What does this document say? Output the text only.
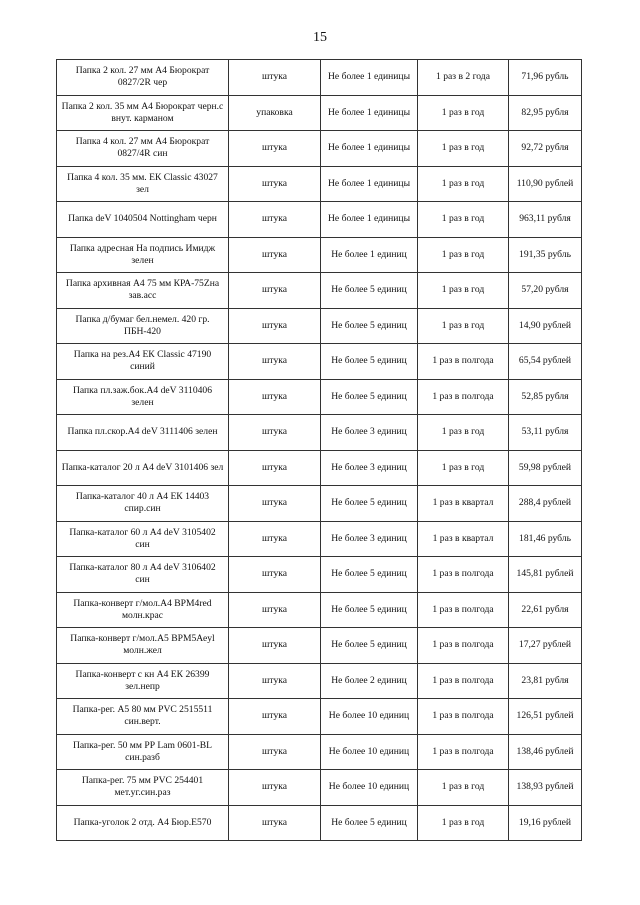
15
Папка 2 кол. 27 мм А4 Бюрократ 0827/2R чер	штука	Не более 1 единицы	1 раз в 2 года	71,96 рубль
Папка 2 кол. 35 мм А4 Бюрократ черн.с внут. карманом	упаковка	Не более 1 единицы	1 раз в год	82,95 рубля
Папка 4 кол. 27 мм А4 Бюрократ 0827/4R син	штука	Не более 1 единицы	1 раз в год	92,72 рубля
Папка 4 кол. 35 мм. ЕК Classic 43027 зел	штука	Не более 1 единицы	1 раз в год	110,90 рублей
Папка deV 1040504 Nottingham черн	штука	Не более 1 единицы	1 раз в год	963,11 рубля
Папка адресная На подпись Имидж зелен	штука	Не более 1 единиц	1 раз в год	191,35 рубль
Папка архивная А4 75 мм КРА-75Zна зав.асс	штука	Не более 5 единиц	1 раз в год	57,20 рубля
Папка д/бумаг бел.немел. 420 гр. ПБН-420	штука	Не более 5 единиц	1 раз в год	14,90 рублей
Папка на рез.А4 ЕК Classic 47190 синий	штука	Не более 5 единиц	1 раз в полгода	65,54 рублей
Папка пл.заж.бок.А4 deV 3110406 зелен	штука	Не более 5 единиц	1 раз в полгода	52,85 рубля
Папка пл.скор.А4 deV 3111406 зелен	штука	Не более 3 единиц	1 раз в год	53,11 рубля
Папка-каталог 20 л А4 deV 3101406 зел	штука	Не более 3 единиц	1 раз в год	59,98 рублей
Папка-каталог 40 л А4 ЕК 14403 спир.син	штука	Не более 5 единиц	1 раз в квартал	288,4 рублей
Папка-каталог 60 л А4 deV 3105402 син	штука	Не более 3 единиц	1 раз в квартал	181,46 рубль
Папка-каталог 80 л А4 deV 3106402 син	штука	Не более 5 единиц	1 раз в полгода	145,81 рублей
Папка-конверт г/мол.А4 ВРМ4red молн.крас	штука	Не более 5 единиц	1 раз в полгода	22,61 рубля
Папка-конверт г/мол.А5 ВРМ5Аеyl молн.жел	штука	Не более 5 единиц	1 раз в полгода	17,27 рублей
Папка-конверт с кн А4 ЕК 26399 зел.непр	штука	Не более 2 единиц	1 раз в полгода	23,81 рубля
Папка-рег. А5 80 мм PVC 2515511 син.верт.	штука	Не более 10 единиц	1 раз в полгода	126,51 рублей
Папка-рег. 50 мм РР Lam 0601-BL син.разб	штука	Не более 10 единиц	1 раз в полгода	138,46 рублей
Папка-рег. 75 мм PVC 254401 мет.уг.син.раз	штука	Не более 10 единиц	1 раз в год	138,93 рублей
Папка-уголок 2 отд. А4 Бюр.Е570	штука	Не более 5 единиц	1 раз в год	19,16 рублей
